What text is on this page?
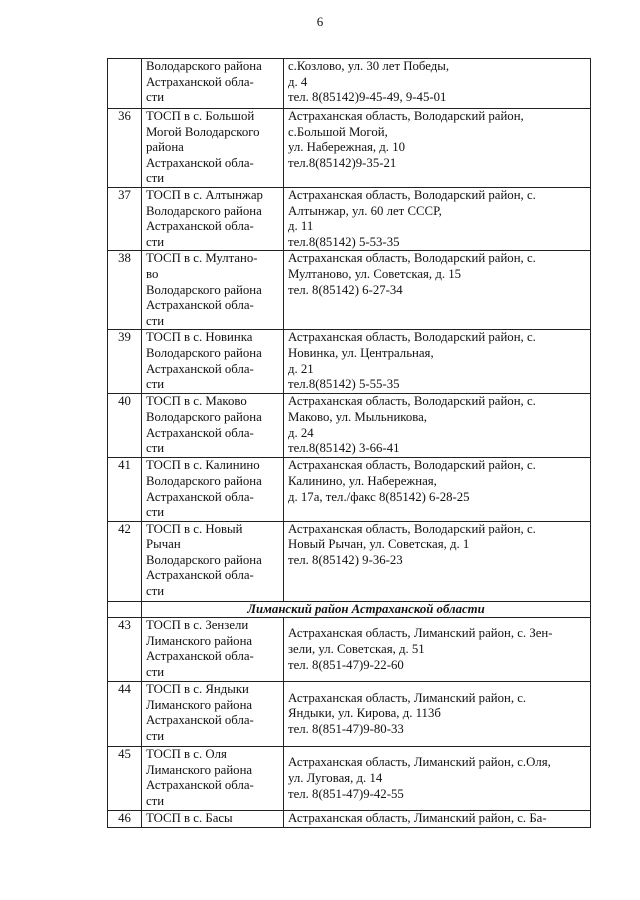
6
	Володарского района
Астраханской обла-
сти	с.Козлово, ул. 30 лет Победы,
д. 4
тел. 8(85142)9-45-49, 9-45-01
36	ТОСП в с. Большой
Могой Володарского
района
Астраханской обла-
сти	Астраханская область, Володарский район,
с.Большой Могой,
ул. Набережная, д. 10
тел.8(85142)9-35-21
37	ТОСП в с. Алтынжар
Володарского района
Астраханской обла-
сти	Астраханская область, Володарский район, с.
Алтынжар, ул. 60 лет СССР,
д. 11
тел.8(85142) 5-53-35
38	ТОСП в с. Мултано-
во
Володарского района
Астраханской обла-
сти	Астраханская область, Володарский район, с.
Мултаново, ул. Советская, д. 15
тел. 8(85142) 6-27-34
39	ТОСП в с. Новинка
Володарского района
Астраханской обла-
сти	Астраханская область, Володарский район, с.
Новинка, ул. Центральная,
д. 21
тел.8(85142) 5-55-35
40	ТОСП в с. Маково
Володарского района
Астраханской обла-
сти	Астраханская область, Володарский район, с.
Маково, ул. Мыльникова,
д. 24
тел.8(85142) 3-66-41
41	ТОСП в с. Калинино
Володарского района
Астраханской обла-
сти	Астраханская область, Володарский район, с.
Калинино, ул. Набережная,
д. 17а, тел./факс 8(85142) 6-28-25
42	ТОСП в с. Новый
Рычан
Володарского района
Астраханской обла-
сти	Астраханская область, Володарский район, с.
Новый Рычан, ул. Советская, д. 1
тел. 8(85142) 9-36-23
	Лиманский район Астраханской области	
43	ТОСП в с. Зензели
Лиманского района
Астраханской обла-
сти	Астраханская область, Лиманский район, с. Зен-
зели, ул. Советская, д. 51
тел. 8(851-47)9-22-60
44	ТОСП в с. Яндыки
Лиманского района
Астраханской обла-
сти	Астраханская область, Лиманский район, с.
Яндыки, ул. Кирова, д. 113б
тел. 8(851-47)9-80-33
45	ТОСП в с. Оля
Лиманского района
Астраханской обла-
сти	Астраханская область, Лиманский район, с.Оля,
ул. Луговая, д. 14
тел. 8(851-47)9-42-55
46	ТОСП в с. Басы	Астраханская область, Лиманский район, с. Ба-
